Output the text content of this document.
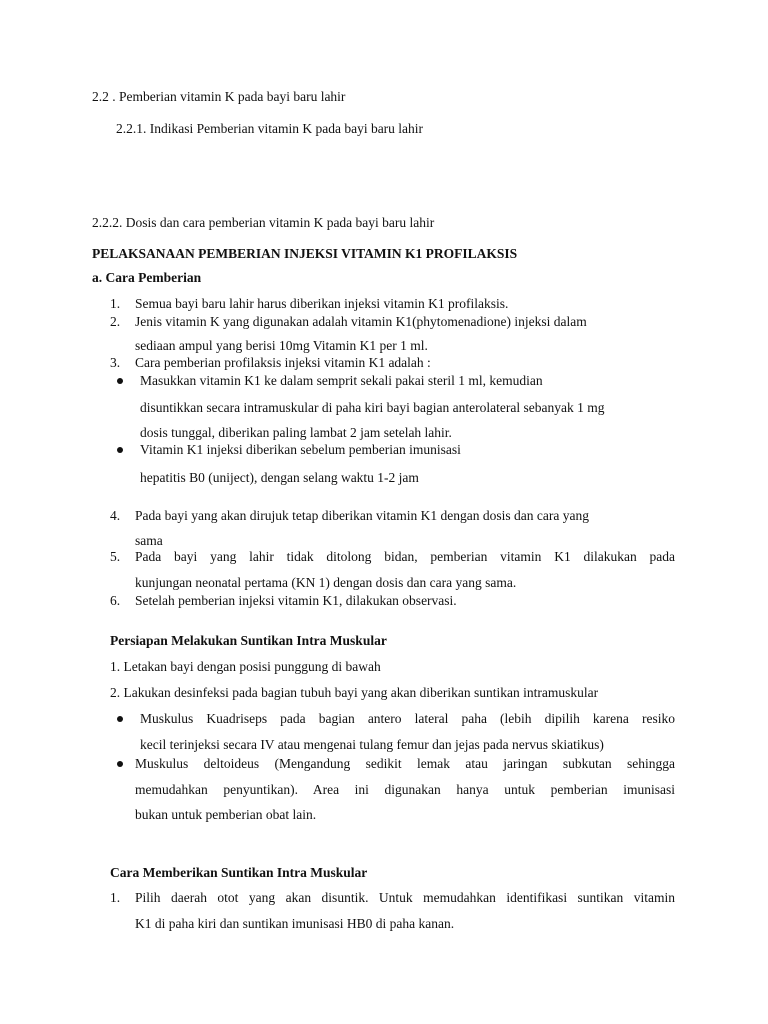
2.2 . Pemberian vitamin K pada bayi baru lahir
2.2.1. Indikasi Pemberian vitamin K pada bayi baru lahir
2.2.2. Dosis dan cara pemberian vitamin K pada bayi baru lahir
PELAKSANAAN PEMBERIAN INJEKSI VITAMIN K1 PROFILAKSIS
a. Cara Pemberian
1. Semua bayi baru lahir harus diberikan injeksi vitamin K1 profilaksis.
2. Jenis vitamin K yang digunakan adalah vitamin K1(phytomenadione) injeksi dalam
sediaan ampul yang berisi 10mg Vitamin K1 per 1 ml.
3. Cara pemberian profilaksis injeksi vitamin K1 adalah :
Masukkan vitamin K1 ke dalam semprit sekali pakai steril 1 ml, kemudian
disuntikkan secara intramuskular di paha kiri bayi bagian anterolateral sebanyak 1 mg
dosis tunggal, diberikan paling lambat 2 jam setelah lahir.
Vitamin K1 injeksi diberikan sebelum pemberian imunisasi
hepatitis B0 (uniject), dengan selang waktu 1-2 jam
4. Pada bayi yang akan dirujuk tetap diberikan vitamin K1 dengan dosis dan cara yang
sama
5. Pada bayi yang lahir tidak ditolong bidan, pemberian vitamin K1 dilakukan pada
kunjungan neonatal pertama (KN 1) dengan dosis dan cara yang sama.
6. Setelah pemberian injeksi vitamin K1, dilakukan observasi.
Persiapan Melakukan Suntikan Intra Muskular
1. Letakan bayi dengan posisi punggung di bawah
2. Lakukan desinfeksi pada bagian tubuh bayi yang akan diberikan suntikan intramuskular
Muskulus Kuadriseps pada bagian antero lateral paha (lebih dipilih karena resiko
kecil terinjeksi secara IV atau mengenai tulang femur dan jejas pada nervus skiatikus)
Muskulus deltoideus (Mengandung sedikit lemak atau jaringan subkutan sehingga
memudahkan penyuntikan). Area ini digunakan hanya untuk pemberian imunisasi
bukan untuk pemberian obat lain.
Cara Memberikan Suntikan Intra Muskular
1. Pilih daerah otot yang akan disuntik. Untuk memudahkan identifikasi suntikan vitamin
K1 di paha kiri dan suntikan imunisasi HB0 di paha kanan.
